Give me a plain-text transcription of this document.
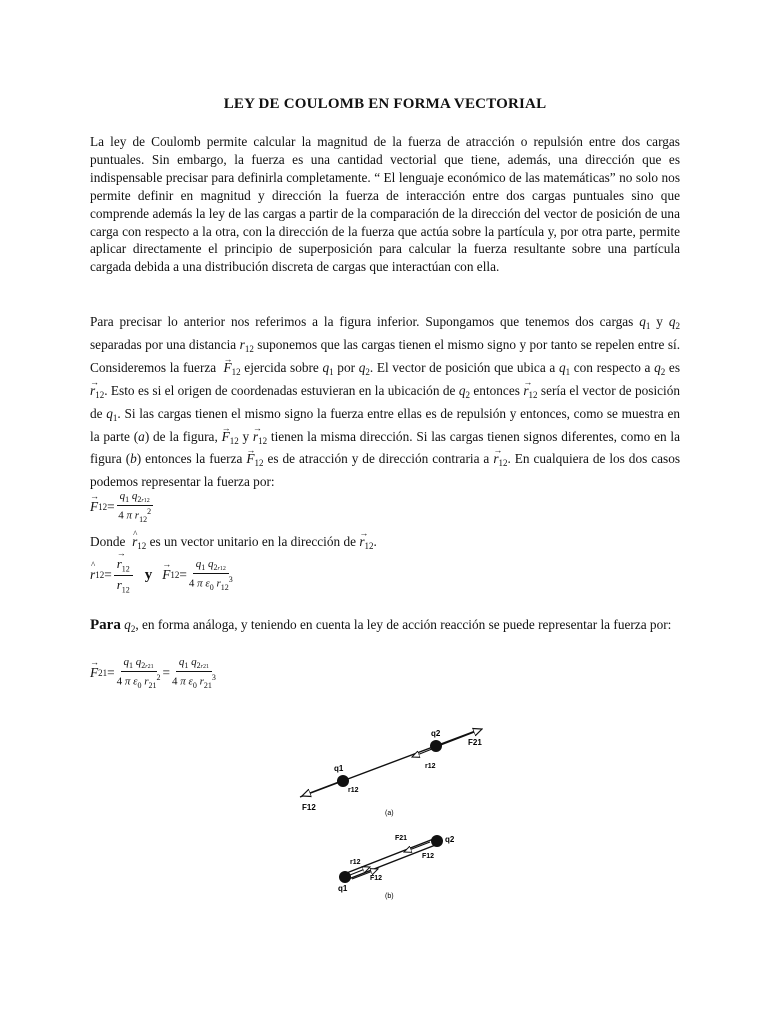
LEY DE COULOMB EN FORMA VECTORIAL

La ley de Coulomb permite calcular la magnitud de la fuerza de atracción o repulsión entre dos cargas puntuales. Sin embargo, la fuerza es una cantidad vectorial que tiene, además, una dirección que es indispensable precisar para definirla completamente. “ El lenguaje económico de las matemáticas” no solo nos permite definir en magnitud y dirección la fuerza de interacción entre dos cargas puntuales sino que comprende además la ley de las cargas a partir de la comparación de la dirección del vector de posición de una carga con respecto a la otra, con la dirección de la fuerza que actúa sobre la partícula y, por otra parte, permite aplicar directamente el principio de superposición para calcular la fuerza resultante sobre una partícula cargada debida a una distribución discreta de cargas que interactúan con ella.

Para precisar lo anterior nos referimos a la figura inferior. Supongamos que tenemos dos cargas $q_1$ y $q_2$ separadas por una distancia $r_{12}$ suponemos que las cargas tienen el mismo signo y por tanto se repelen entre sí. Consideremos la fuerza → $F_{12}$ ejercida sobre $q_1$ por $q_2$. El vector de posición que ubica a $q_1$ con respecto a $q_2$ es → $r_{12}$. Esto es si el origen de coordenadas estuvieran en la ubicación de $q_2$ entonces → $r_{12}$ sería el vector de posición de $q_1$. Si las cargas tienen el mismo signo la fuerza entre ellas es de repulsión y entonces, como se muestra en la parte (a) de la figura, → $F_{12}$ $y \to r_{12}$ tienen la misma dirección. Si las cargas tienen signos diferentes, como en la figura (b) entonces la fuerza → $F_{12}$ es de atracción y de dirección contraria $a \to r_{12}$. En cualquiera de los dos casos podemos representar la fuerza por:

→ F $12 = \frac{q_1 q_{2r12}}{4 \pi r_{12}^2}$

Donde ^ $r_{12}$ es un vector unitario en la dirección de → $r_{12}$.

^ r 12 = → $\frac{r_{12}}{r_{12}}$ y → F $12 = \frac{q_1 q_{2r12}}{4 \pi \varepsilon_0 r_{12}^3}$

Para $q_2$, en forma análoga, y teniendo en cuenta la ley de acción reacción se puede representar la fuerza por:

→ F $21 = \frac{q_1 q_{2r21}}{4 \pi \varepsilon_0 r_{21}^2} = \frac{q_1 q_{2r21}}{4 \pi \varepsilon_0 r_{21}^3}$
q1
q2
r12
F12
F21
r12
(a)
q1
q2
r12
F12
F21
F12
(b)
